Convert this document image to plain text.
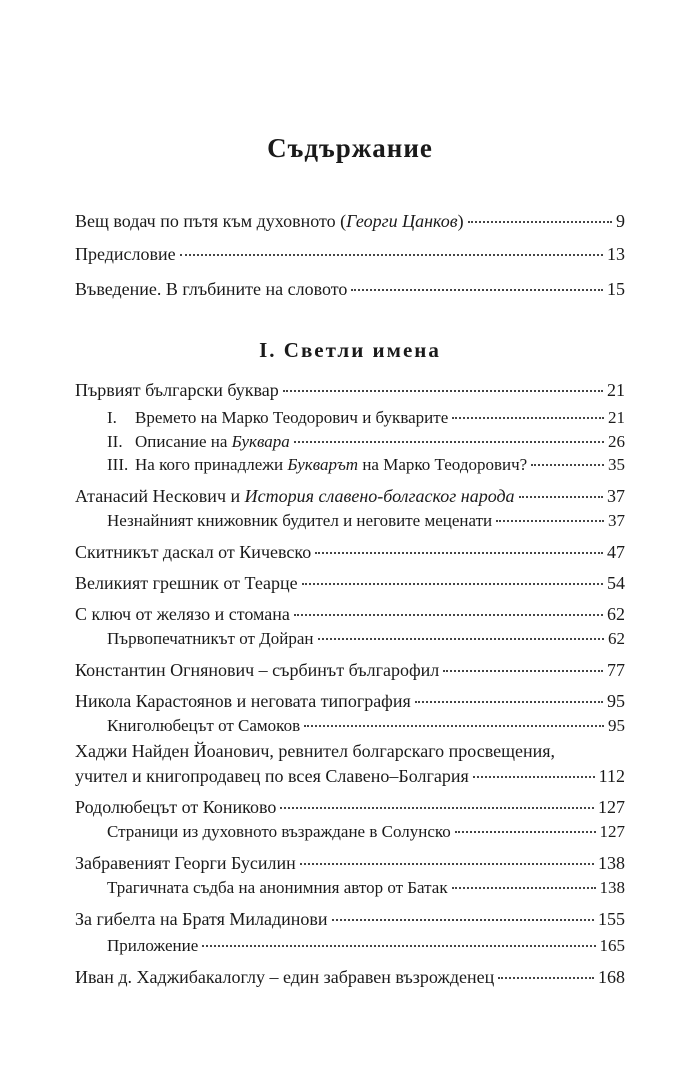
Съдържание
Вещ водач по пътя към духовното (Георги Цанков)	9
Предисловие	13
Въведение. В глъбините на словото	15
I. Светли имена
Първият български буквар	21
I. Времето на Марко Теодорович и букварите	21
II. Описание на Буквара	26
III. На кого принадлежи Букварът на Марко Теодорович?	35
Атанасий Нескович и История славено-болгаског народа	37
Незнайният книжовник будител и неговите меценати	37
Скитникът даскал от Кичевско	47
Великият грешник от Теарце	54
С ключ от желязо и стомана	62
Първопечатникът от Дойран	62
Константин Огнянович – сърбинът българофил	77
Никола Карастоянов и неговата типография	95
Книголюбецът от Самоков	95
Хаджи Найден Йоанович, ревнител болгарскаго просвещения,
учител и книгопродавец по всея Славено–Болгария	112
Родолюбецът от Кониково	127
Страници из духовното възраждане в Солунско	127
Забравеният Георги Бусилин	138
Трагичната съдба на анонимния автор от Батак	138
За гибелта на Братя Миладинови	155
Приложение	165
Иван д. Хаджибакалоглу – един забравен възрожденец	168
